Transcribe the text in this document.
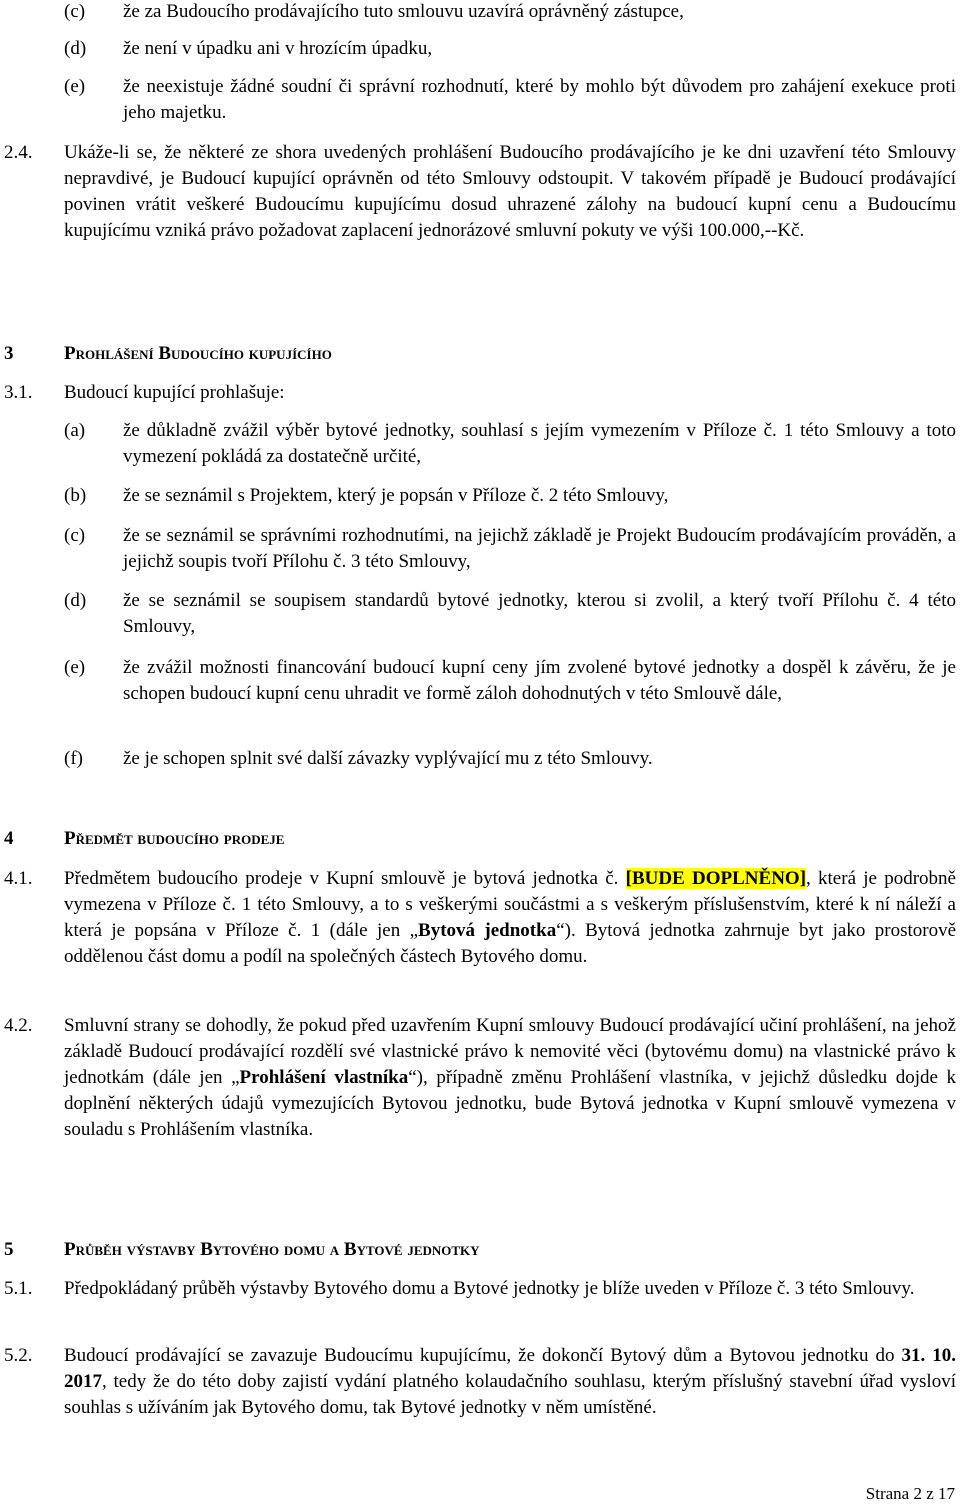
(c) že za Budoucího prodávajícího tuto smlouvu uzavírá oprávněný zástupce,
(d) že není v úpadku ani v hrozícím úpadku,
(e) že neexistuje žádné soudní či správní rozhodnutí, které by mohlo být důvodem pro zahájení exekuce proti jeho majetku.
2.4. Ukáže-li se, že některé ze shora uvedených prohlášení Budoucího prodávajícího je ke dni uzavření této Smlouvy nepravdivé, je Budoucí kupující oprávněn od této Smlouvy odstoupit. V takovém případě je Budoucí prodávající povinen vrátit veškeré Budoucímu kupujícímu dosud uhrazené zálohy na budoucí kupní cenu a Budoucímu kupujícímu vzniká právo požadovat zaplacení jednorázové smluvní pokuty ve výši 100.000,--Kč.
3	Prohlášení Budoucího kupujícího
3.1. Budoucí kupující prohlašuje:
(a) že důkladně zvážil výběr bytové jednotky, souhlasí s jejím vymezením v Příloze č. 1 této Smlouvy a toto vymezení pokládá za dostatečně určité,
(b) že se seznámil s Projektem, který je popsán v Příloze č. 2 této Smlouvy,
(c) že se seznámil se správními rozhodnutími, na jejichž základě je Projekt Budoucím prodávajícím prováděn, a jejichž soupis tvoří Přílohu č. 3 této Smlouvy,
(d) že se seznámil se soupisem standardů bytové jednotky, kterou si zvolil, a který tvoří Přílohu č. 4 této Smlouvy,
(e) že zvážil možnosti financování budoucí kupní ceny jím zvolené bytové jednotky a dospěl k závěru, že je schopen budoucí kupní cenu uhradit ve formě záloh dohodnutých v této Smlouvě dále,
(f) že je schopen splnit své další závazky vyplývající mu z této Smlouvy.
4	Předmět budoucího prodeje
4.1. Předmětem budoucího prodeje v Kupní smlouvě je bytová jednotka č. [BUDE DOPLNĚNO], která je podrobně vymezena v Příloze č. 1 této Smlouvy, a to s veškerými součástmi a s veškerým příslušenstvím, které k ní náleží a která je popsána v Příloze č. 1 (dále jen „Bytová jednotka“). Bytová jednotka zahrnuje byt jako prostorově oddělenou část domu a podíl na společných částech Bytového domu.
4.2. Smluvní strany se dohodly, že pokud před uzavřením Kupní smlouvy Budoucí prodávající učiní prohlášení, na jehož základě Budoucí prodávající rozdělí své vlastnické právo k nemovité věci (bytovému domu) na vlastnické právo k jednotkám (dále jen „Prohlášení vlastníka“), případně změnu Prohlášení vlastníka, v jejichž důsledku dojde k doplnění některých údajů vymezujících Bytovou jednotku, bude Bytová jednotka v Kupní smlouvě vymezena v souladu s Prohlášením vlastníka.
5	Průběh výstavby Bytového domu a Bytové jednotky
5.1. Předpokládaný průběh výstavby Bytového domu a Bytové jednotky je blíže uveden v Příloze č. 3 této Smlouvy.
5.2. Budoucí prodávající se zavazuje Budoucímu kupujícímu, že dokončí Bytový dům a Bytovou jednotku do 31. 10. 2017, tedy že do této doby zajistí vydání platného kolaudačního souhlasu, kterým příslušný stavební úřad vysloví souhlas s užíváním jak Bytového domu, tak Bytové jednotky v něm umístěné.
Strana 2 z 17
